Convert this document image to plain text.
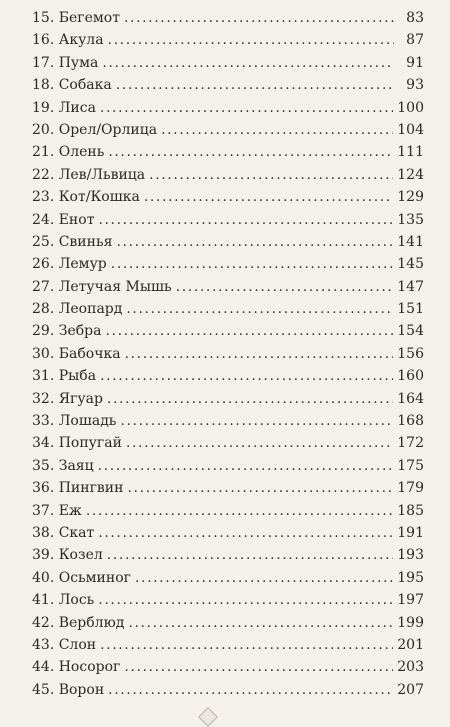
15. Бегемот .....	83
16. Акула .....	87
17. Пума .....	91
18. Собака .....	93
19. Лиса .....	100
20. Орел/Орлица .....	104
21. Олень .....	111
22. Лев/Львица .....	124
23. Кот/Кошка .....	129
24. Енот .....	135
25. Свинья .....	141
26. Лемур .....	145
27. Летучая Мышь .....	147
28. Леопард .....	151
29. Зебра .....	154
30. Бабочка .....	156
31. Рыба .....	160
32. Ягуар .....	164
33. Лошадь .....	168
34. Попугай .....	172
35. Заяц .....	175
36. Пингвин .....	179
37. Еж .....	185
38. Скат .....	191
39. Козел .....	193
40. Осьминог .....	195
41. Лось .....	197
42. Верблюд .....	199
43. Слон .....	201
44. Носорог .....	203
45. Ворон .....	207
